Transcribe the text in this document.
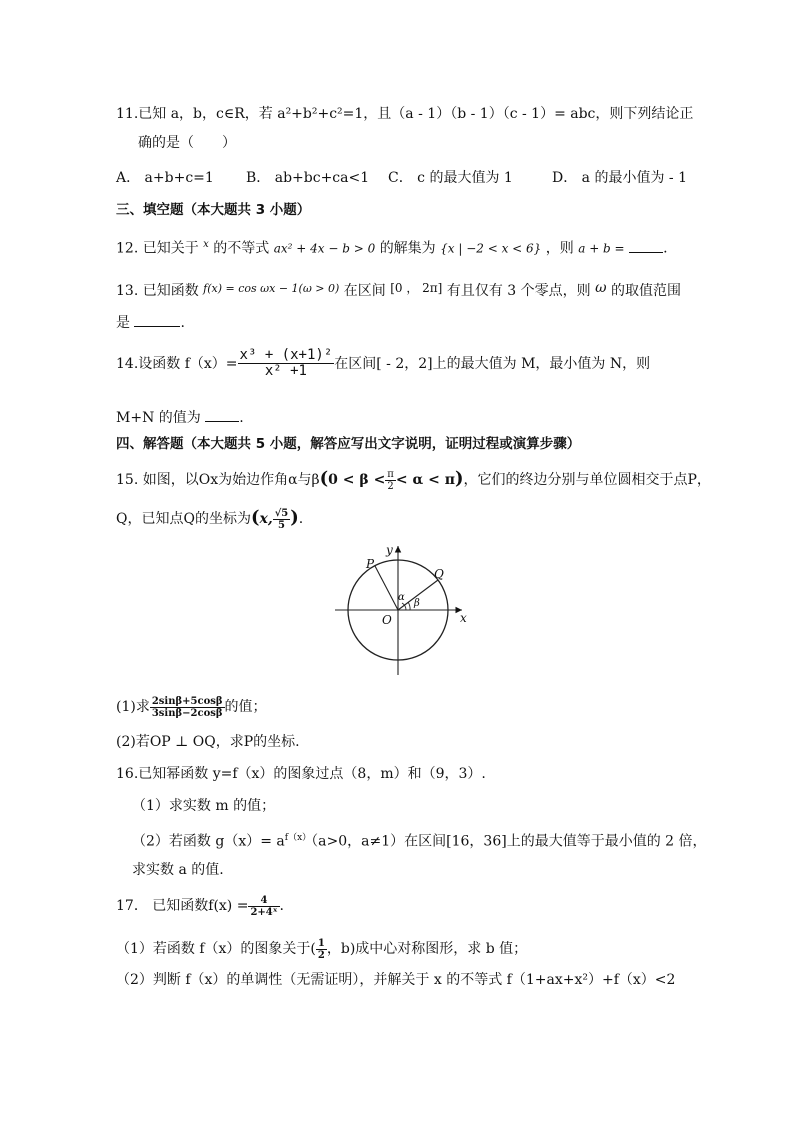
11.已知 a，b，c∈R，若 a²+b²+c²=1，且（a - 1）（b - 1）（c - 1）= abc，则下列结论正
确的是（　　）
A． a+b+c=1 B． ab+bc+ca<1 C． c 的最大值为 1	D． a 的最小值为 - 1
三、填空题（本大题共 3 小题）
12. 已知关于 $^x$ 的不等式 ax² + 4x − b > 0 的解集为 {x | −2 < x < 6} ，则 a + b =	.
13. 已知函数 $^{f(x) = cos \omega x - 1(\omega > 0)}$ 在区间 [0 ， 2π] 有且仅有 3 个零点，则 ω 的取值范围
是	.
14.设函数 $f(x)= \frac{\text{x³ + (x+1)²}}{\text{x² +1}}$ 在区间[ - 2，2]上的最大值为 M，最小值为 N，则
M+N 的值为	.
四、解答题（本大题共 5 小题，解答应写出文字说明，证明过程或演算步骤）
15. 如图，以Ox为始边作角α与$\beta(0 < \beta < \frac{\pi}{2} < \alpha < \pi)$，它们的终边分别与单位圆相交于点P，
Q，已知点Q的坐标为(x, $\frac{√5}{5}$ ).
y
x
O
P
Q
α
β
(1)求 $\frac{2\sin\beta+5\cos\beta}{3\sin\beta-2\cos\beta}$ 的值；
(2)若OP ⊥ OQ，求P的坐标.
16.已知幂函数 y=f（x）的图象过点（8，m）和（9，3）.
（1）求实数 m 的值；
（2）若函数 $g(x)= a^{f(x)}(a>0$，a≠1）在区间[16，36]上的最大值等于最小值的 2 倍，
求实数 a 的值.
17． 已知函数$f(x) = \frac{4}{\text{2+4ˣ}}$ .
（1）若函数 f（x）的图象关于( $\frac{1}{2}$ ，b)成中心对称图形，求 b 值；
（2）判断 f（x）的单调性（无需证明），并解关于 x 的不等式 f（1+ax+x²）+f（x）<2
